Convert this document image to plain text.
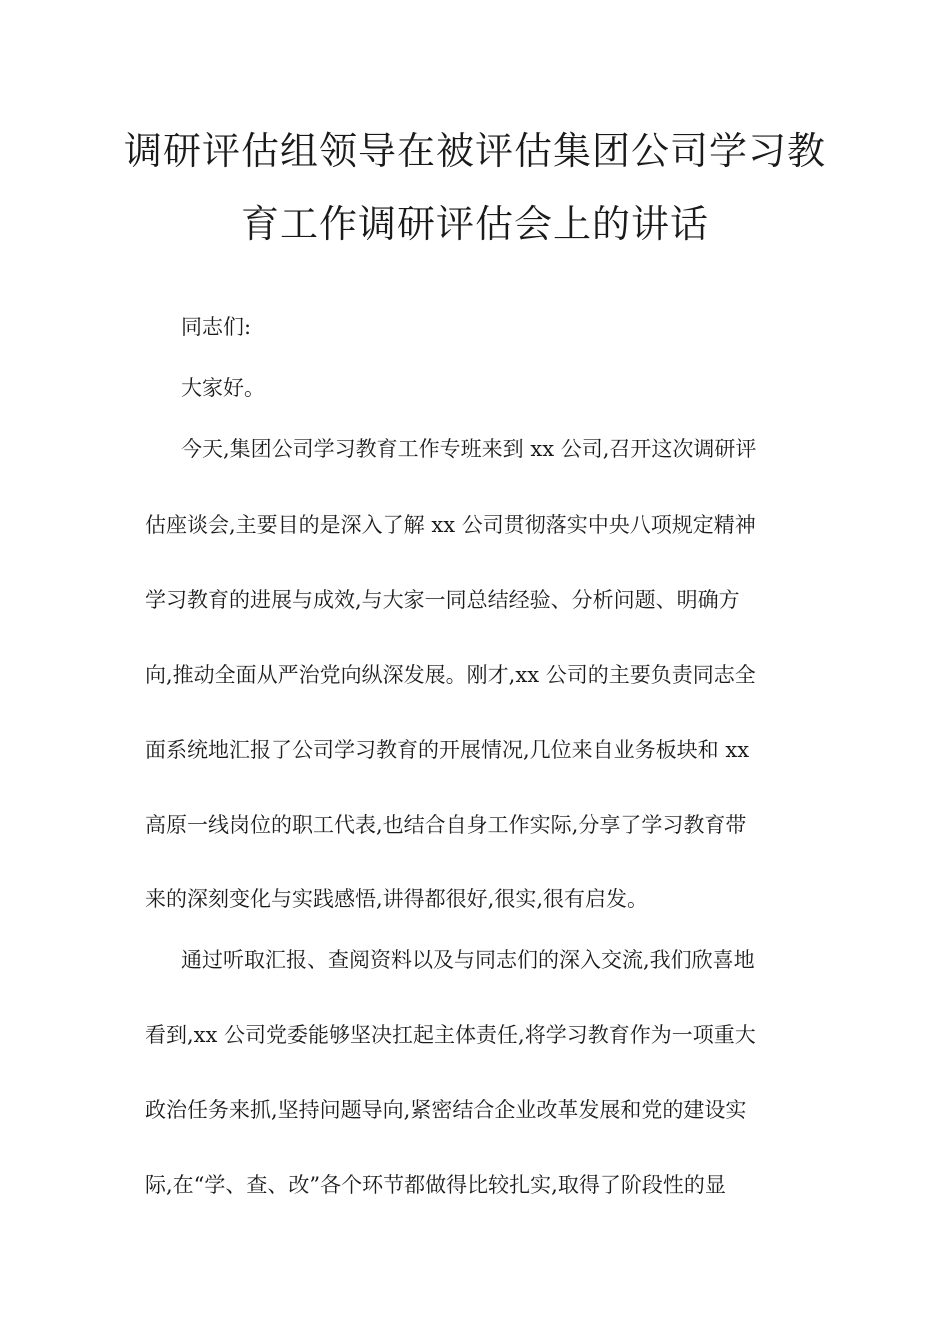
调研评估组领导在被评估集团公司学习教
育工作调研评估会上的讲话
同志们:
大家好。
今天,集团公司学习教育工作专班来到 xx 公司,召开这次调研评
估座谈会,主要目的是深入了解 xx 公司贯彻落实中央八项规定精神
学习教育的进展与成效,与大家一同总结经验、分析问题、明确方
向,推动全面从严治党向纵深发展。刚才,xx 公司的主要负责同志全
面系统地汇报了公司学习教育的开展情况,几位来自业务板块和 xx
高原一线岗位的职工代表,也结合自身工作实际,分享了学习教育带
来的深刻变化与实践感悟,讲得都很好,很实,很有启发。
通过听取汇报、查阅资料以及与同志们的深入交流,我们欣喜地
看到,xx 公司党委能够坚决扛起主体责任,将学习教育作为一项重大
政治任务来抓,坚持问题导向,紧密结合企业改革发展和党的建设实
际,在“学、查、改”各个环节都做得比较扎实,取得了阶段性的显
